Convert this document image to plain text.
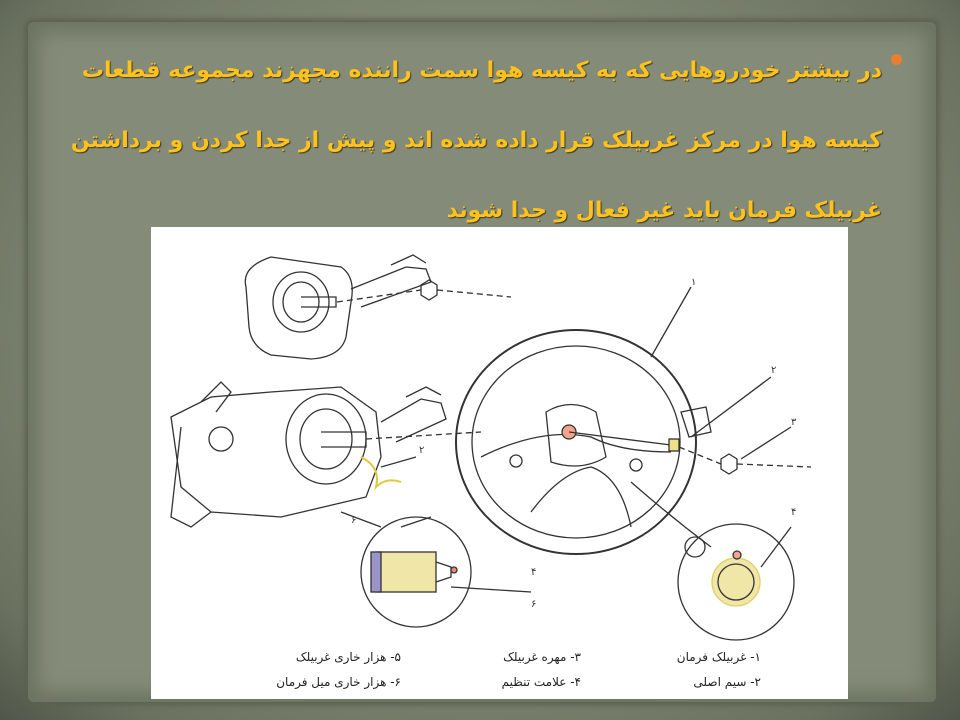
در بیشتر خودروهایی که به کیسه هوا سمت راننده مجهزند مجموعه قطعات کیسه هوا در مرکز غربیلک قرار داده شده اند و پیش از جدا کردن و برداشتن غربیلک فرمان باید غیر فعال و جدا شوند
۱
۲
۲
۳
۴
۴
۶
۶
۱- غربیلک فرمان
۲- سیم اصلی
۳- مهره غربیلک
۴- علامت تنظیم
۵- هزار خاری غربیلک
۶- هزار خاری میل فرمان
